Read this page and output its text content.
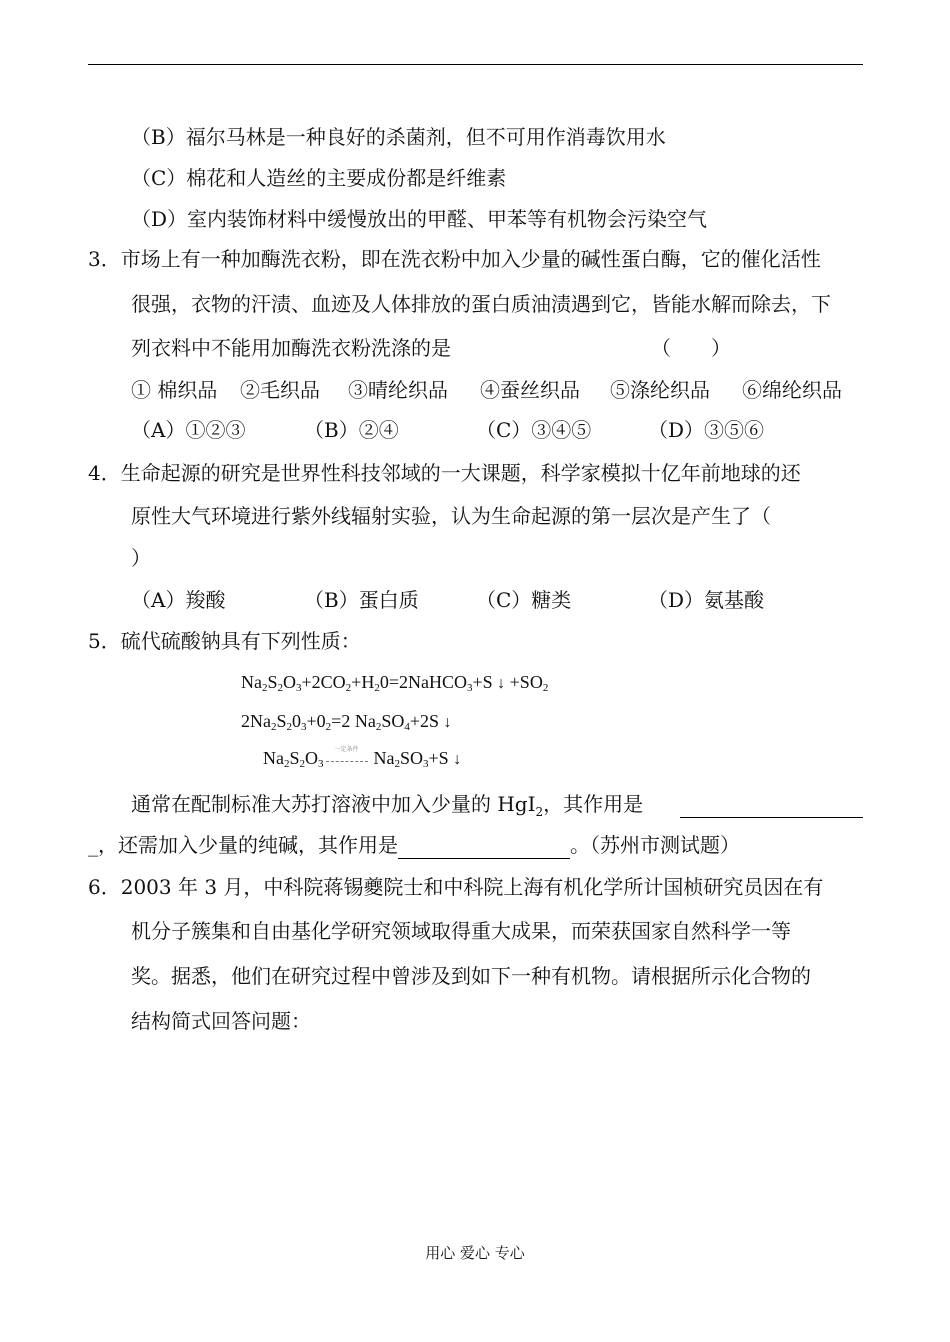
（B）福尔马林是一种良好的杀菌剂，但不可用作消毒饮用水
（C）棉花和人造丝的主要成份都是纤维素
（D）室内装饰材料中缓慢放出的甲醛、甲苯等有机物会污染空气
3．市场上有一种加酶洗衣粉，即在洗衣粉中加入少量的碱性蛋白酶，它的催化活性
很强，衣物的汗渍、血迹及人体排放的蛋白质油渍遇到它，皆能水解而除去，下
列衣料中不能用加酶洗衣粉洗涤的是	（　　）
① 棉织品 ②毛织品 ③晴纶织品 ④蚕丝织品 ⑤涤纶织品 ⑥绵纶织品
（A）①②③	（B）②④	（C）③④⑤	（D）③⑤⑥
4．生命起源的研究是世界性科技邻域的一大课题，科学家模拟十亿年前地球的还
原性大气环境进行紫外线辐射实验，认为生命起源的第一层次是产生了（
）
（A）羧酸	（B）蛋白质	（C）糖类	（D）氨基酸
5．硫代硫酸钠具有下列性质：
$Na_2S_2O_3+2CO_2+H_20=2NaHCO_3+S$ ↓ $+SO_2$
$2Na_2S_20_3+0_2=2$ $Na_2SO_4+2S$ ↓
$Na_2S_2O_3$
一定条件 $Na_2SO_3+S$ ↓
通常在配制标准大苏打溶液中加入少量的 HgI$_2$，其作用是
_，还需加入少量的纯碱，其作用是	。（苏州市测试题）
6．2003 年 3 月，中科院蒋锡夔院士和中科院上海有机化学所计国桢研究员因在有
机分子簇集和自由基化学研究领域取得重大成果，而荣获国家自然科学一等
奖。据悉，他们在研究过程中曾涉及到如下一种有机物。请根据所示化合物的
结构简式回答问题：
用心 爱心 专心
